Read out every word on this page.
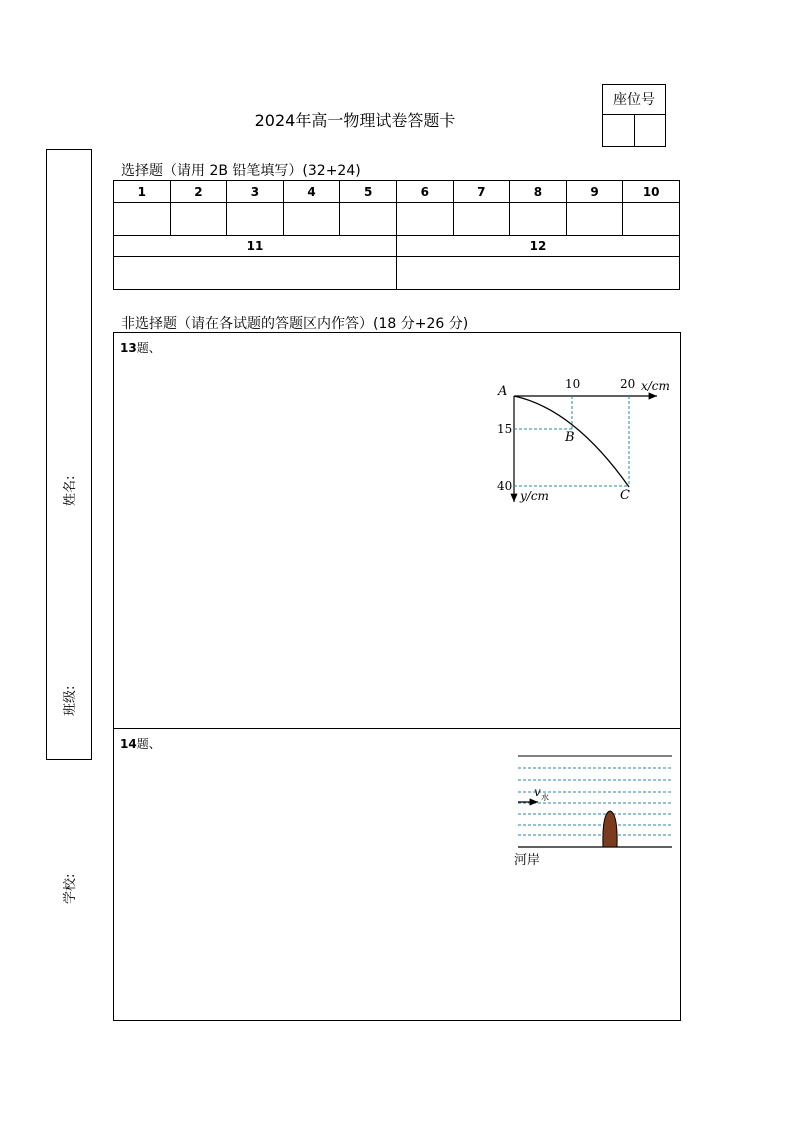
2024年高一物理试卷答题卡
座位号
姓名:
班级:
学校:
选择题（请用 2B 铅笔填写）(32+24)
1	2	3	4	5	6	7	8	9	10

11					12				

非选择题（请在各试题的答题区内作答）(18 分+26 分)
13题、
A
B
C
10	20 x/cm
15
40
y/cm
14题、
v 水
河岸
